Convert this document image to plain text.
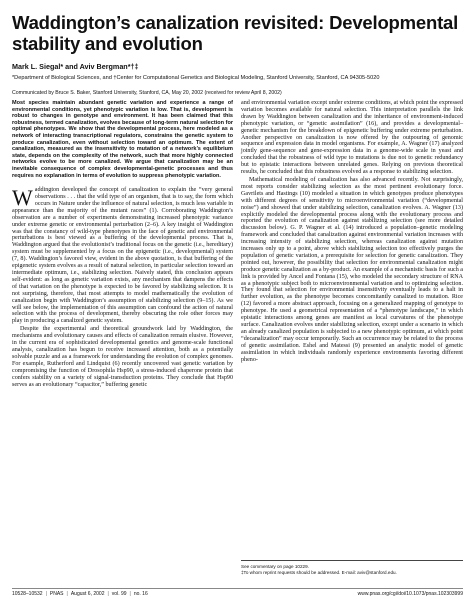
Waddington’s canalization revisited: Developmental stability and evolution
Mark L. Siegal* and Aviv Bergman*†‡
*Department of Biological Sciences, and †Center for Computational Genetics and Biological Modeling, Stanford University, Stanford, CA 94305-5020
Communicated by Bruce S. Baker, Stanford University, Stanford, CA, May 20, 2002 (received for review April 8, 2002)

Most species maintain abundant genetic variation and experience a range of environmental conditions, yet phenotypic variation is low. That is, development is robust to changes in genotype and environment. It has been claimed that this robustness, termed canalization, evolves because of long-term natural selection for optimal phenotypes. We show that the developmental process, here modeled as a network of interacting transcriptional regulators, constrains the genetic system to produce canalization, even without selection toward an optimum. The extent of canalization, measured as the insensitivity to mutation of a network’s equilibrium state, depends on the complexity of the network, such that more highly connected networks evolve to be more canalized. We argue that canalization may be an inevitable consequence of complex developmental-genetic processes and thus requires no explanation in terms of evolution to suppress phenotypic variation.

Waddington developed the concept of canalization to explain the “very general observations . . . that the wild type of an organism, that is to say, the form which occurs in Nature under the influence of natural selection, is much less variable in appearance than the majority of the mutant races” (1). Corroborating Waddington’s observation are a number of experiments demonstrating increased phenotypic variance under extreme genetic or environmental perturbation (2–6). A key insight of Waddington was that the constancy of wild-type phenotypes in the face of genetic and environmental perturbations is best viewed as a buffering of the developmental process. That is, Waddington argued that the evolutionist’s traditional focus on the genetic (i.e., hereditary) system must be supplemented by a focus on the epigenetic (i.e., developmental) system (7, 8). Waddington’s favored view, evident in the above quotation, is that buffering of the epigenetic system evolves as a result of natural selection, in particular selection toward an intermediate optimum, i.e., stabilizing selection. Naively stated, this conclusion appears self-evident: as long as genetic variation exists, any mechanism that dampens the effects of that variation on the phenotype is expected to be favored by stabilizing selection. It is not surprising, therefore, that most attempts to model mathematically the evolution of canalization begin with Waddington’s assumption of stabilizing selection (9–15). As we will see below, the implementation of this assumption can confound the action of natural selection with the process of development, thereby obscuring the role other forces may play in producing a canalized genetic system.

Despite the experimental and theoretical groundwork laid by Waddington, the mechanisms and evolutionary causes and effects of canalization remain elusive. However, in the current era of sophisticated developmental genetics and genome-scale functional analysis, canalization has begun to receive increased attention, both as a potentially solvable puzzle and as a framework for understanding the evolution of complex genomes. For example, Rutherford and Lindquist (6) recently uncovered vast genetic variation by compromising the function of Drosophila Hsp90, a stress-induced chaperone protein that confers stability on a variety of signal-transduction proteins. They conclude that Hsp90 serves as an evolutionary “capacitor,” buffering genetic

and environmental variation except under extreme conditions, at which point the expressed variation becomes available for natural selection. This interpretation parallels the link drawn by Waddington between canalization and the inheritance of environment-induced phenotypic variation, or “genetic assimilation” (16), and provides a developmental–genetic mechanism for the breakdown of epigenetic buffering under extreme perturbation. Another perspective on canalization is now offered by the outpouring of genomic sequence and expression data in model organisms. For example, A. Wagner (17) analyzed jointly gene-sequence and gene-expression data in a genome-wide scale in yeast and concluded that the robustness of wild type to mutations is due not to genetic redundancy but to epistatic interactions between unrelated genes. Relying on previous theoretical results, he concluded that this robustness evolved as a response to stabilizing selection.

Mathematical modeling of canalization has also advanced recently. Not surprisingly, most reports consider stabilizing selection as the most pertinent evolutionary force. Gavrilets and Hastings (10) modeled a situation in which genotypes produce phenotypes with different degrees of sensitivity to microenvironmental variation (“developmental noise”) and showed that under stabilizing selection, canalization evolves. A. Wagner (13) explicitly modeled the developmental process along with the evolutionary process and reported the evolution of canalization against stabilizing selection (see more detailed discussion below). G. P. Wagner et al. (14) introduced a population–genetic modeling framework and concluded that canalization against environmental variation increases with increasing intensity of stabilizing selection, whereas canalization against mutation increases only up to a point, above which stabilizing selection too effectively purges the population of genetic variation, a prerequisite for selection for genetic canalization. They pointed out, however, the possibility that selection for environmental canalization might produce genetic canalization as a by-product. An example of a mechanistic basis for such a link is provided by Ancel and Fontana (15), who modeled the secondary structure of RNA as a phenotypic subject both to microenvironmental variation and to optimizing selection. They found that selection for environmental insensitivity eventually leads to a halt in further evolution, as the phenotype becomes concomitantly canalized to mutation. Rice (12) favored a more abstract approach, focusing on a generalized mapping of genotype to phenotype. He used a geometrical representation of a “phenotype landscape,” in which epistatic interactions among genes are manifest as local curvatures of the phenotype surface. Canalization evolves under stabilizing selection, except under a scenario in which an already canalized population is subjected to a new phenotypic optimum, at which point “decanalization” may occur temporarily. Such an occurrence may be related to the process of genetic assimilation. Eshel and Matessi (9) presented an analytic model of genetic assimilation in which individuals randomly experience environments favoring different pheno-

See commentary on page 10229.
‡To whom reprint requests should be addressed. E-mail: aviv@stanford.edu.
10528–10532 | PNAS | August 6, 2002 | vol. 99 | no. 16	www.pnas.org/cgi/doi/10.1073/pnas.102303999
